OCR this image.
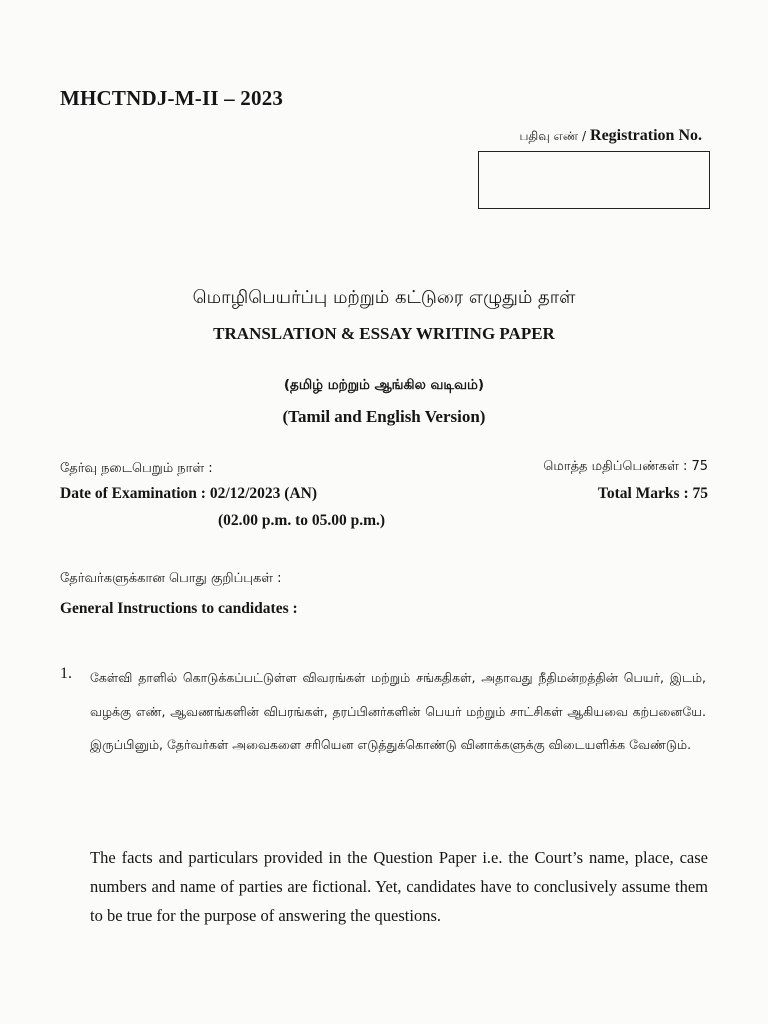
MHCTNDJ-M-II – 2023
பதிவு எண் / Registration No.
மொழிபெயர்ப்பு மற்றும் கட்டுரை எழுதும் தாள்
TRANSLATION & ESSAY WRITING PAPER
(தமிழ் மற்றும் ஆங்கில வடிவம்)
(Tamil and English Version)
தேர்வு நடைபெறும் நாள் :	மொத்த மதிப்பெண்கள் : 75
Date of Examination : 02/12/2023 (AN)	Total Marks : 75
(02.00 p.m. to 05.00 p.m.)
தேர்வர்களுக்கான பொது குறிப்புகள் :
General Instructions to candidates :
1. கேள்வி தாளில் கொடுக்கப்பட்டுள்ள விவரங்கள் மற்றும் சங்கதிகள், அதாவது நீதிமன்றத்தின் பெயர், இடம், வழக்கு எண், ஆவணங்களின் விபரங்கள், தரப்பினர்களின் பெயர் மற்றும் சாட்சிகள் ஆகியவை கற்பனையே. இருப்பினும், தேர்வர்கள் அவைகளை சரியென எடுத்துக்கொண்டு வினாக்களுக்கு விடையளிக்க வேண்டும்.
The facts and particulars provided in the Question Paper i.e. the Court’s name, place, case numbers and name of parties are fictional. Yet, candidates have to conclusively assume them to be true for the purpose of answering the questions.
